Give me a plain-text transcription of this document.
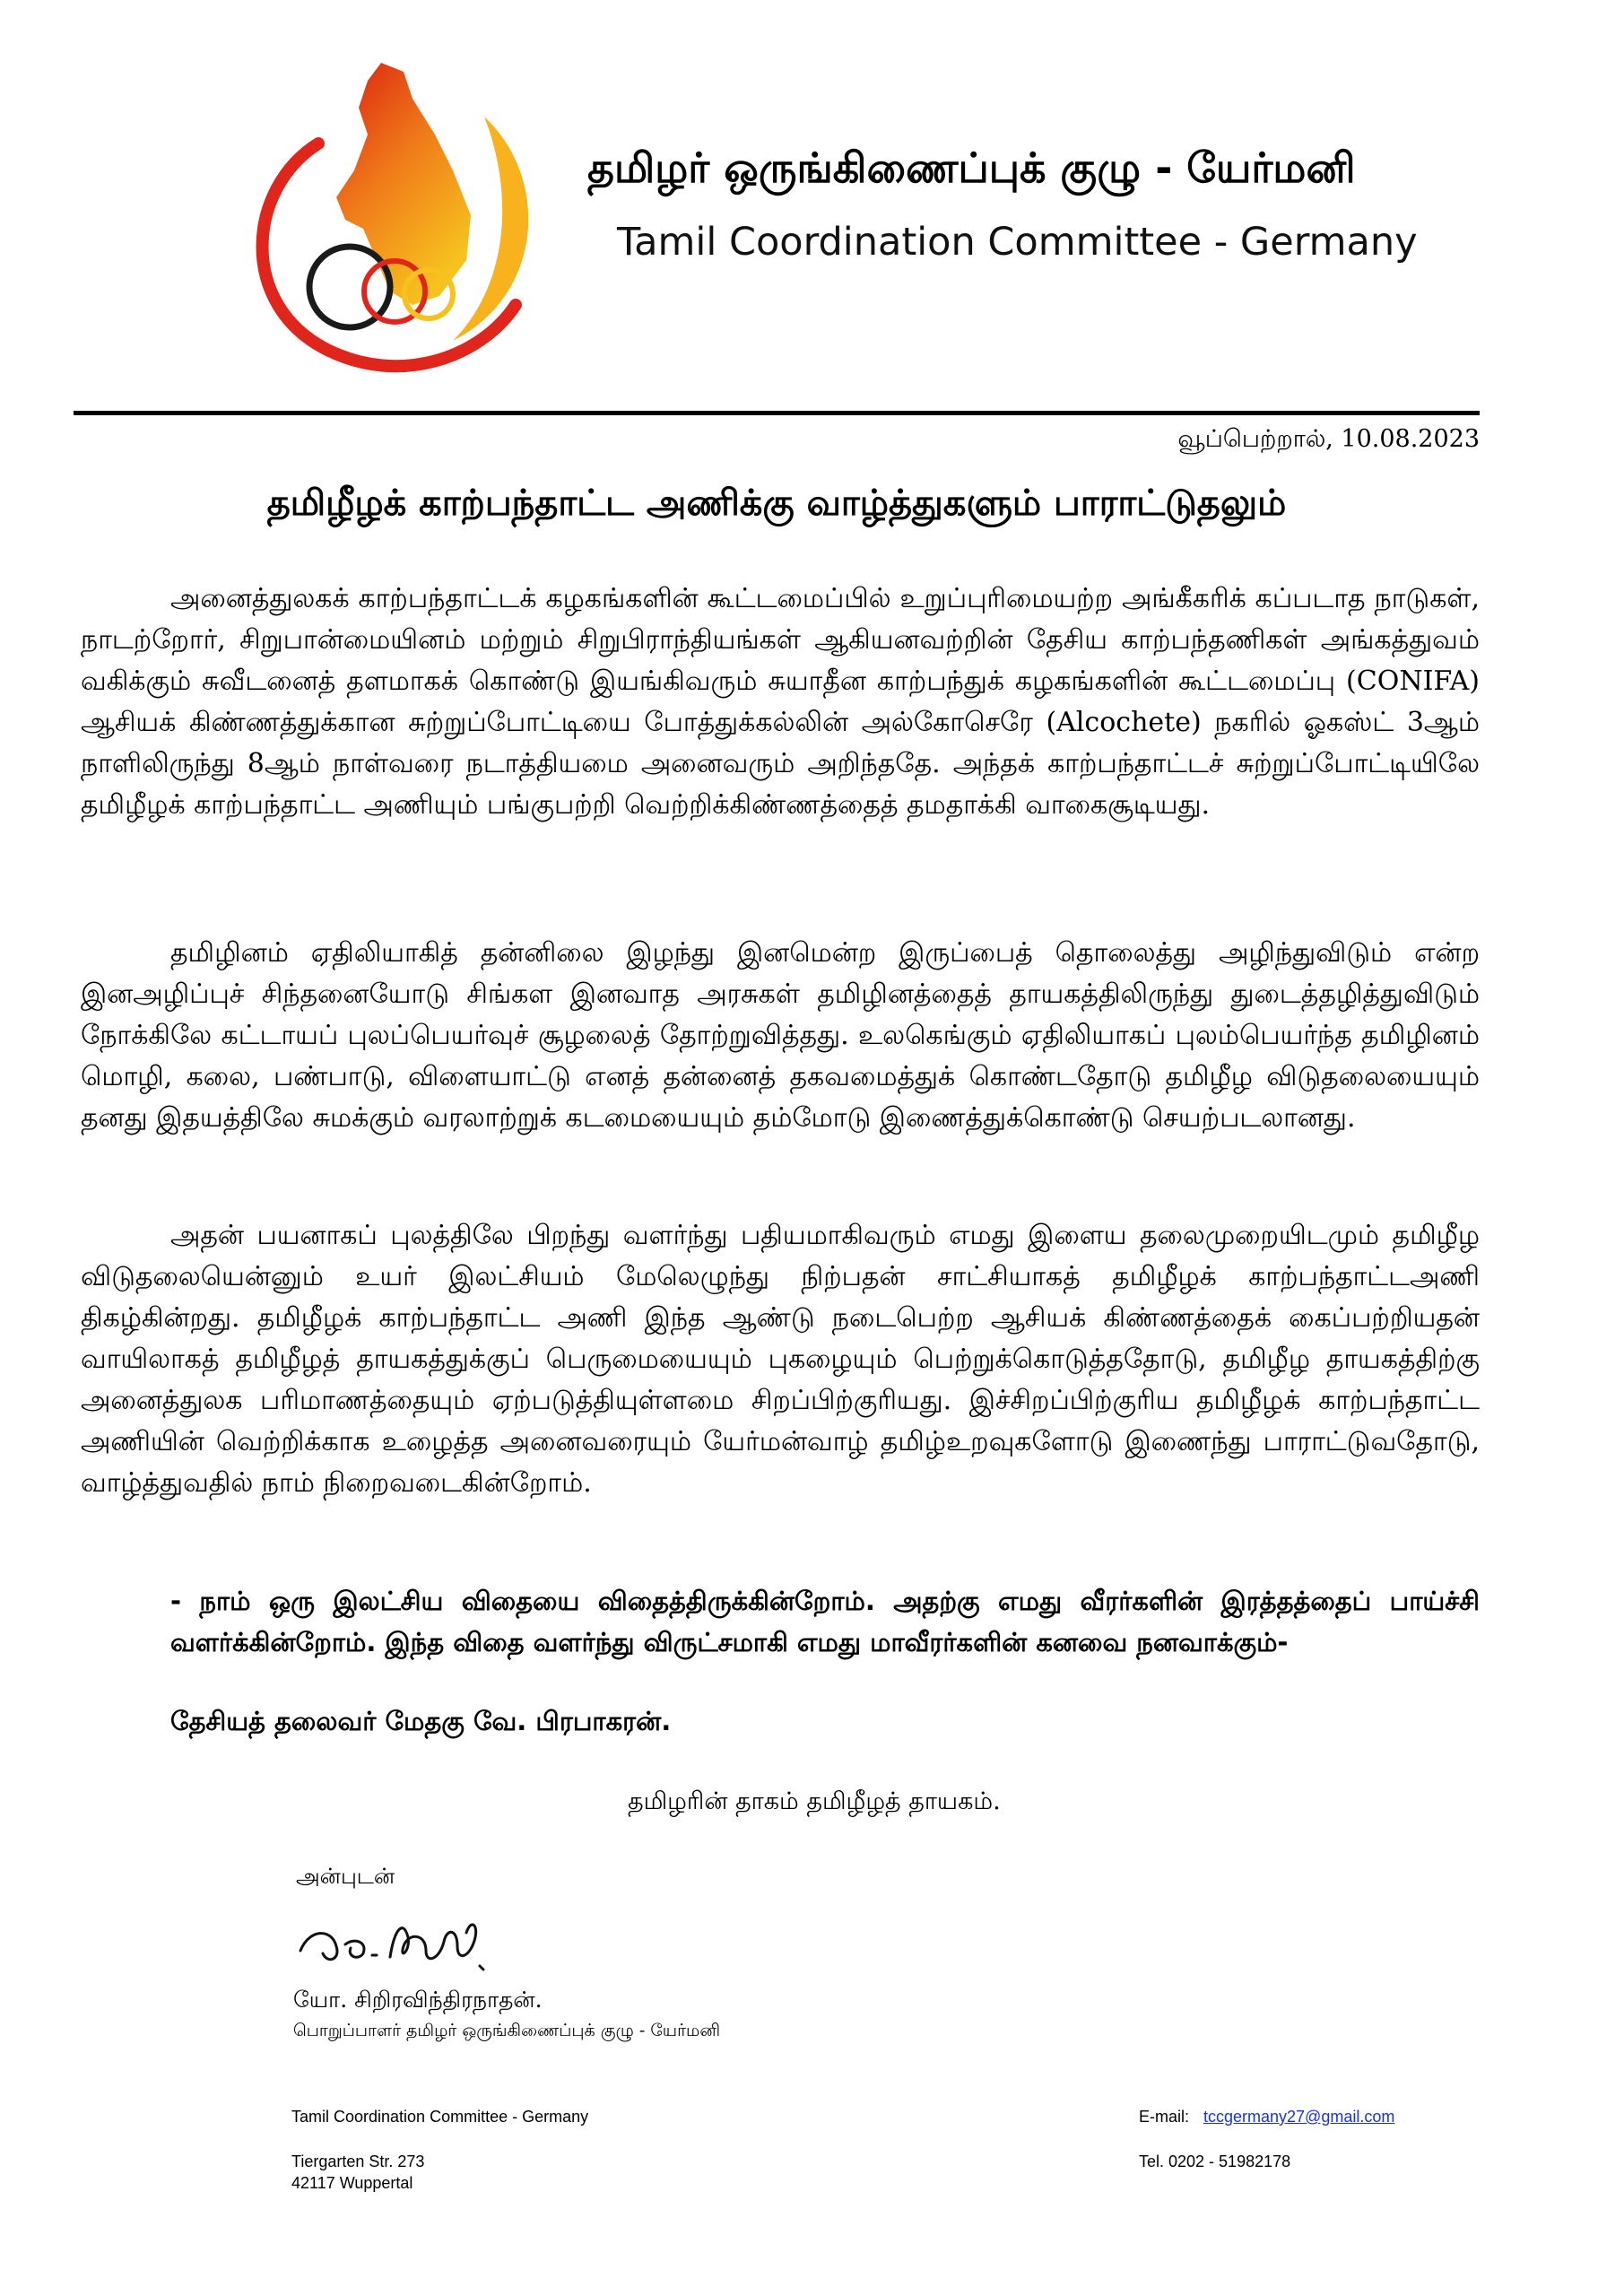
தமிழர் ஒருங்கிணைப்புக் குழு - யேர்மனி
Tamil Coordination Committee - Germany
வூப்பெற்றால், 10.08.2023
தமிழீழக் காற்பந்தாட்ட அணிக்கு வாழ்த்துகளும் பாராட்டுதலும்
அனைத்துலகக் காற்பந்தாட்டக் கழகங்களின் கூட்டமைப்பில் உறுப்புரிமையற்ற அங்கீகரிக் கப்படாத நாடுகள், நாடற்றோர், சிறுபான்மையினம் மற்றும் சிறுபிராந்தியங்கள் ஆகியனவற்றின் தேசிய காற்பந்தணிகள் அங்கத்துவம் வகிக்கும் சுவீடனைத் தளமாகக் கொண்டு இயங்கிவரும் சுயாதீன காற்பந்துக் கழகங்களின் கூட்டமைப்பு (CONIFA) ஆசியக் கிண்ணத்துக்கான சுற்றுப்போட்டியை போத்துக்கல்லின் அல்கோசெரே (Alcochete) நகரில் ஓகஸ்ட் 3ஆம் நாளிலிருந்து 8ஆம் நாள்வரை நடாத்தியமை அனைவரும் அறிந்ததே. அந்தக் காற்பந்தாட்டச் சுற்றுப்போட்டியிலே தமிழீழக் காற்பந்தாட்ட அணியும் பங்குபற்றி வெற்றிக்கிண்ணத்தைத் தமதாக்கி வாகைசூடியது.
தமிழினம் ஏதிலியாகித் தன்னிலை இழந்து இனமென்ற இருப்பைத் தொலைத்து அழிந்துவிடும் என்ற இனஅழிப்புச் சிந்தனையோடு சிங்கள இனவாத அரசுகள் தமிழினத்தைத் தாயகத்திலிருந்து துடைத்தழித்துவிடும் நோக்கிலே கட்டாயப் புலப்பெயர்வுச் சூழலைத் தோற்றுவித்தது. உலகெங்கும் ஏதிலியாகப் புலம்பெயர்ந்த தமிழினம் மொழி, கலை, பண்பாடு, விளையாட்டு எனத் தன்னைத் தகவமைத்துக் கொண்டதோடு தமிழீழ விடுதலையையும் தனது இதயத்திலே சுமக்கும் வரலாற்றுக் கடமையையும் தம்மோடு இணைத்துக்கொண்டு செயற்படலானது.
அதன் பயனாகப் புலத்திலே பிறந்து வளர்ந்து பதியமாகிவரும் எமது இளைய தலைமுறையிடமும் தமிழீழ விடுதலையென்னும் உயர் இலட்சியம் மேலெழுந்து நிற்பதன் சாட்சியாகத் தமிழீழக் காற்பந்தாட்டஅணி திகழ்கின்றது. தமிழீழக் காற்பந்தாட்ட அணி இந்த ஆண்டு நடைபெற்ற ஆசியக் கிண்ணத்தைக் கைப்பற்றியதன் வாயிலாகத் தமிழீழத் தாயகத்துக்குப் பெருமையையும் புகழையும் பெற்றுக்கொடுத்ததோடு, தமிழீழ தாயகத்திற்கு அனைத்துலக பரிமாணத்தையும் ஏற்படுத்தியுள்ளமை சிறப்பிற்குரியது. இச்சிறப்பிற்குரிய தமிழீழக் காற்பந்தாட்ட அணியின் வெற்றிக்காக உழைத்த அனைவரையும் யேர்மன்வாழ் தமிழ்உறவுகளோடு இணைந்து பாராட்டுவதோடு, வாழ்த்துவதில் நாம் நிறைவடைகின்றோம்.
- நாம் ஒரு இலட்சிய விதையை விதைத்திருக்கின்றோம். அதற்கு எமது வீரர்களின் இரத்தத்தைப் பாய்ச்சி வளர்க்கின்றோம். இந்த விதை வளர்ந்து விருட்சமாகி எமது மாவீரர்களின் கனவை நனவாக்கும்-
தேசியத் தலைவர் மேதகு வே. பிரபாகரன்.
தமிழரின் தாகம் தமிழீழத் தாயகம்.
அன்புடன்
யோ. சிறிரவிந்திரநாதன்.
பொறுப்பாளர் தமிழர் ஒருங்கிணைப்புக் குழு - யேர்மனி
Tamil Coordination Committee - Germany
Tiergarten Str. 273
42117 Wuppertal
E-mail: tccgermany27@gmail.com
Tel. 0202 - 51982178
